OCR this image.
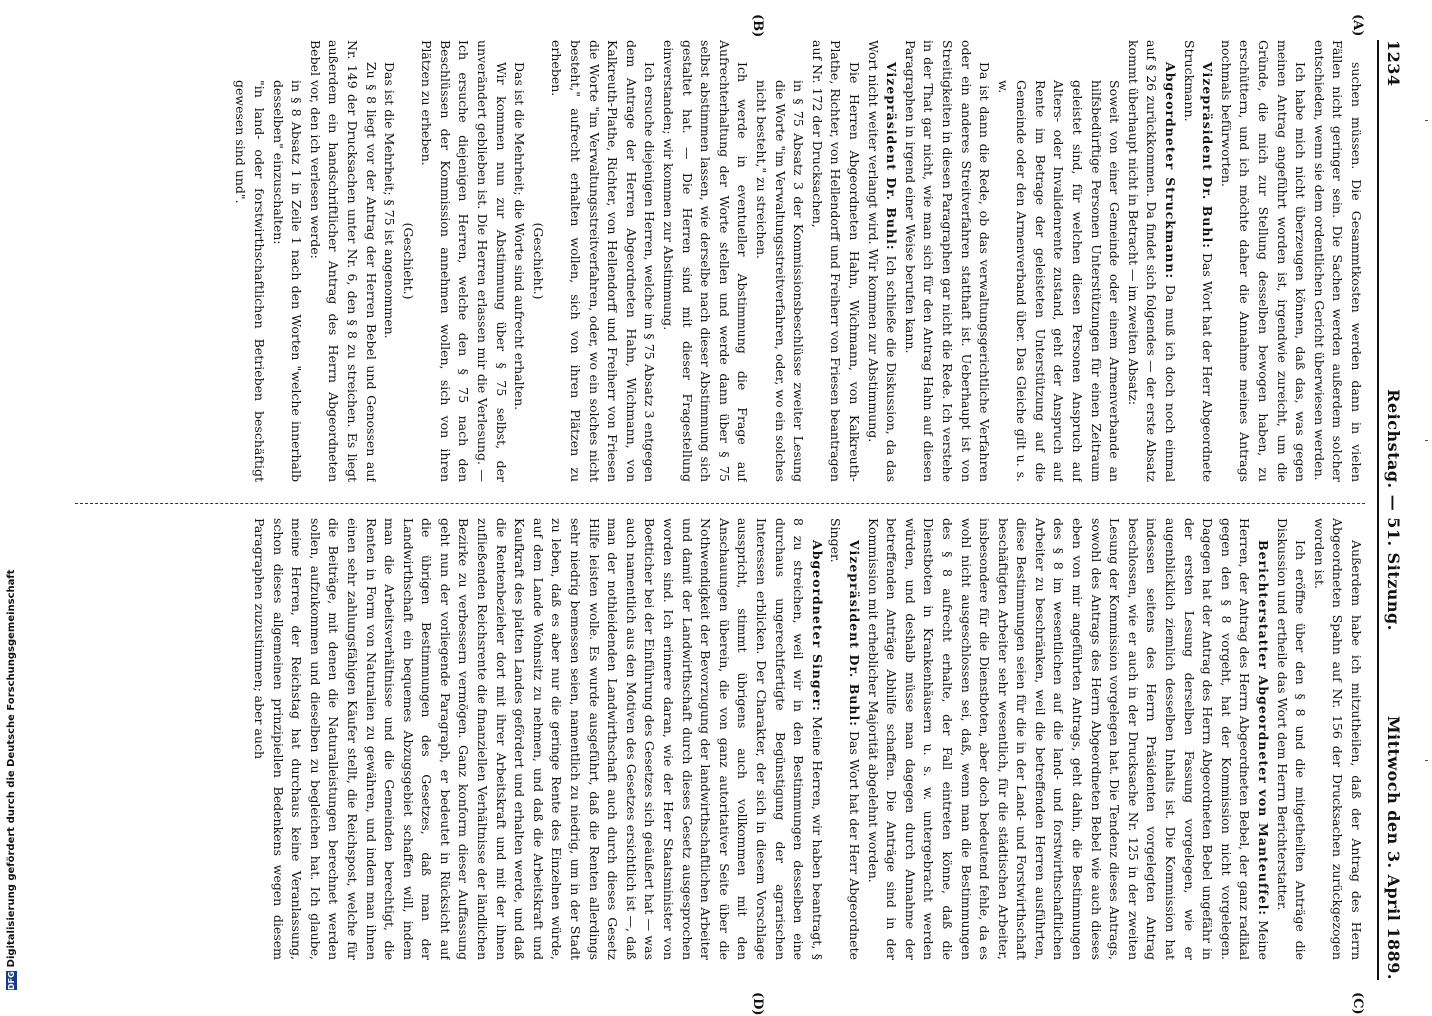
1234
Reichstag. — 51. Sitzung.
Mittwoch den 3. April 1889.
(A)
(B)
(C)
(D)

suchen müssen. Die Gesammtkosten werden dann in vielen Fällen nicht geringer sein. Die Sachen werden außerdem solcher entschieden, wenn sie dem ordentlichen Gericht überwiesen werden.

Ich habe mich nicht überzeugen können, daß das, was gegen meinen Antrag angeführt worden ist, irgendwie zureicht, um die Gründe, die mich zur Stellung desselben bewogen haben, zu erschüttern, und ich möchte daher die Annahme meines Antrags nochmals befürworten.

Vizepräsident Dr. Buhl: Das Wort hat der Herr Abgeordnete Struckmann.

Abgeordneter Struckmann: Da muß ich doch noch einmal auf § 26 zurückkommen. Da findet sich folgendes — der erste Absatz kommt überhaupt nicht in Betracht — im zweiten Absatz:

Soweit von einer Gemeinde oder einem Armenverbande an hilfsbedürftige Personen Unterstützungen für einen Zeitraum geleistet sind, für welchen diesen Personen Anspruch auf Alters- oder Invalidenrente zustand, geht der Anspruch auf Rente im Betrage der geleisteten Unterstützung auf die Gemeinde oder den Armenverband über. Das Gleiche gilt u. s. w.

Da ist dann die Rede, ob das verwaltungsgerichtliche Verfahren oder ein anderes Streitverfahren statthaft ist. Ueberhaupt ist von Streitigkeiten in diesen Paragraphen gar nicht die Rede. Ich verstehe in der That gar nicht, wie man sich für den Antrag Hahn auf diesen Paragraphen in irgend einer Weise berufen kann.

Vizepräsident Dr. Buhl: Ich schließe die Diskussion, da das Wort nicht weiter verlangt wird. Wir kommen zur Abstimmung.

Die Herren Abgeordneten Hahn, Wichmann, von Kalkreuth-Plathe, Richter, von Hellendorff und Freiherr von Friesen beantragen auf Nr. 172 der Drucksachen,

in § 75 Absatz 3 der Kommissionsbeschlüsse zweiter Lesung die Worte "im Verwaltungsstreitverfahren, oder, wo ein solches nicht besteht," zu streichen.

Ich werde in eventueller Abstimmung die Frage auf Aufrechterhaltung der Worte stellen und werde dann über § 75 selbst abstimmen lassen, wie derselbe nach dieser Abstimmung sich gestaltet hat. — Die Herren sind mit dieser Fragestellung einverstanden; wir kommen zur Abstimmung.

Ich ersuche diejenigen Herren, welche im § 75 Absatz 3 entgegen dem Antrage der Herren Abgeordneten Hahn, Wichmann, von Kalkreuth-Plathe, Richter, von Hellendorff und Freiherr von Friesen die Worte "im Verwaltungsstreitverfahren, oder, wo ein solches nicht besteht," aufrecht erhalten wollen, sich von ihren Plätzen zu erheben.

(Geschieht.)

Das ist die Mehrheit; die Worte sind aufrecht erhalten.

Wir kommen nun zur Abstimmung über § 75 selbst, der unverändert geblieben ist. Die Herren erlassen mir die Verlesung. — Ich ersuche diejenigen Herren, welche den § 75 nach den Beschlüssen der Kommission annehmen wollen, sich von ihren Plätzen zu erheben.

(Geschieht.)

Das ist die Mehrheit; § 75 ist angenommen.

Zu § 8 liegt vor der Antrag der Herren Bebel und Genossen auf Nr. 149 der Drucksachen unter Nr. 6, den § 8 zu streichen. Es liegt außerdem ein handschriftlicher Antrag des Herrn Abgeordneten Bebel vor, den ich verlesen werde:

in § 8 Absatz 1 in Zeile 1 nach den Worten "welche innerhalb desselben" einzuschalten:

"in land- oder forstwirthschaftlichen Betrieben beschäftigt gewesen sind und".

Außerdem habe ich mitzutheilen, daß der Antrag des Herrn Abgeordneten Spahn auf Nr. 156 der Drucksachen zurückgezogen worden ist.

Ich eröffne über den § 8 und die mitgetheilten Anträge die Diskussion und ertheile das Wort dem Herrn Berichterstatter.

Berichterstatter Abgeordneter von Manteuffel: Meine Herren, der Antrag des Herrn Abgeordneten Bebel, der ganz radikal gegen den § 8 vorgeht, hat der Kommission nicht vorgelegen. Dagegen hat der Antrag des Herrn Abgeordneten Bebel ungefähr in der ersten Lesung derselben Fassung vorgelegen, wie er augenblicklich ziemlich desselben Inhalts ist. Die Kommission hat indessen seitens des Herrn Präsidenten vorgelegten Antrag beschlossen, wie er auch in der Drucksache Nr. 125 in der zweiten Lesung der Kommission vorgelegen hat. Die Tendenz dieses Antrags, sowohl des Antrags des Herrn Abgeordneten Bebel wie auch dieses eben von mir angeführten Antrags, geht dahin, die Bestimmungen des § 8 im wesentlichen auf die land- und forstwirthschaftlichen Arbeiter zu beschränken, weil die betreffenden Herren ausführten, diese Bestimmungen seien für die in der Land- und Forstwirthschaft beschäftigten Arbeiter sehr wesentlich, für die städtischen Arbeiter, insbesondere für die Dienstboten, aber doch bedeutend fehle, da es wohl nicht ausgeschlossen sei, daß, wenn man die Bestimmungen des § 8 aufrecht erhalte, der Fall eintreten könne, daß die Dienstboten in Krankenhäusern u. s. w. untergebracht werden würden, und deshalb müsse man dagegen durch Annahme der betreffenden Anträge Abhilfe schaffen. Die Anträge sind in der Kommission mit erheblicher Majorität abgelehnt worden.

Vizepräsident Dr. Buhl: Das Wort hat der Herr Abgeordnete Singer.

Abgeordneter Singer: Meine Herren, wir haben beantragt, § 8 zu streichen, weil wir in den Bestimmungen desselben eine durchaus ungerechtfertigte Begünstigung der agrarischen Interessen erblicken. Der Charakter, der sich in diesem Vorschlage ausspricht, stimmt übrigens auch vollkommen mit den Anschauungen überein, die von ganz autoritativer Seite über die Nothwendigkeit der Bevorzugung der landwirthschaftlichen Arbeiter und damit der Landwirthschaft durch dieses Gesetz ausgesprochen worden sind. Ich erinnere daran, wie der Herr Staatsminister von Boetticher bei der Einführung des Gesetzes sich geäußert hat — was auch namentlich aus den Motiven des Gesetzes ersichtlich ist —, daß man der nothleidenden Landwirthschaft auch durch dieses Gesetz Hilfe leisten wolle. Es wurde ausgeführt, daß die Renten allerdings sehr niedrig bemessen seien, namentlich zu niedrig, um in der Stadt zu leben, daß es aber nur die geringe Rente des Einzelnen würde, auf dem Lande Wohnsitz zu nehmen, und daß die Arbeitskraft und Kaufkraft des platten Landes gefördert und erhalten werde, und daß die Rentenbezieher dort mit ihrer Arbeitskraft und mit der ihnen zufließenden Reichsrente die finanziellen Verhältnisse der ländlichen Bezirke zu verbessern vermögen. Ganz konform dieser Auffassung geht nun der vorliegende Paragraph, er bedeutet in Rücksicht auf die übrigen Bestimmungen des Gesetzes, daß man der Landwirthschaft ein bequemes Abzugsgebiet schaffen will, indem man die Arbeitsverhältnisse und die Gemeinden berechtigt, die Renten in Form von Naturalien zu gewähren, und indem man ihnen einen sehr zahlungsfähigen Käufer stellt, die Reichspost, welche für die Beiträge, mit denen die Naturalleistungen berechnet werden sollen, aufzukommen und dieselben zu begleichen hat. Ich glaube, meine Herren, der Reichstag hat durchaus keine Veranlassung, schon dieses allgemeinen prinzipiellen Bedenkens wegen diesem Paragraphen zuzustimmen; aber auch

DFG
Digitalisierung gefördert durch die Deutsche Forschungsgemeinschaft
